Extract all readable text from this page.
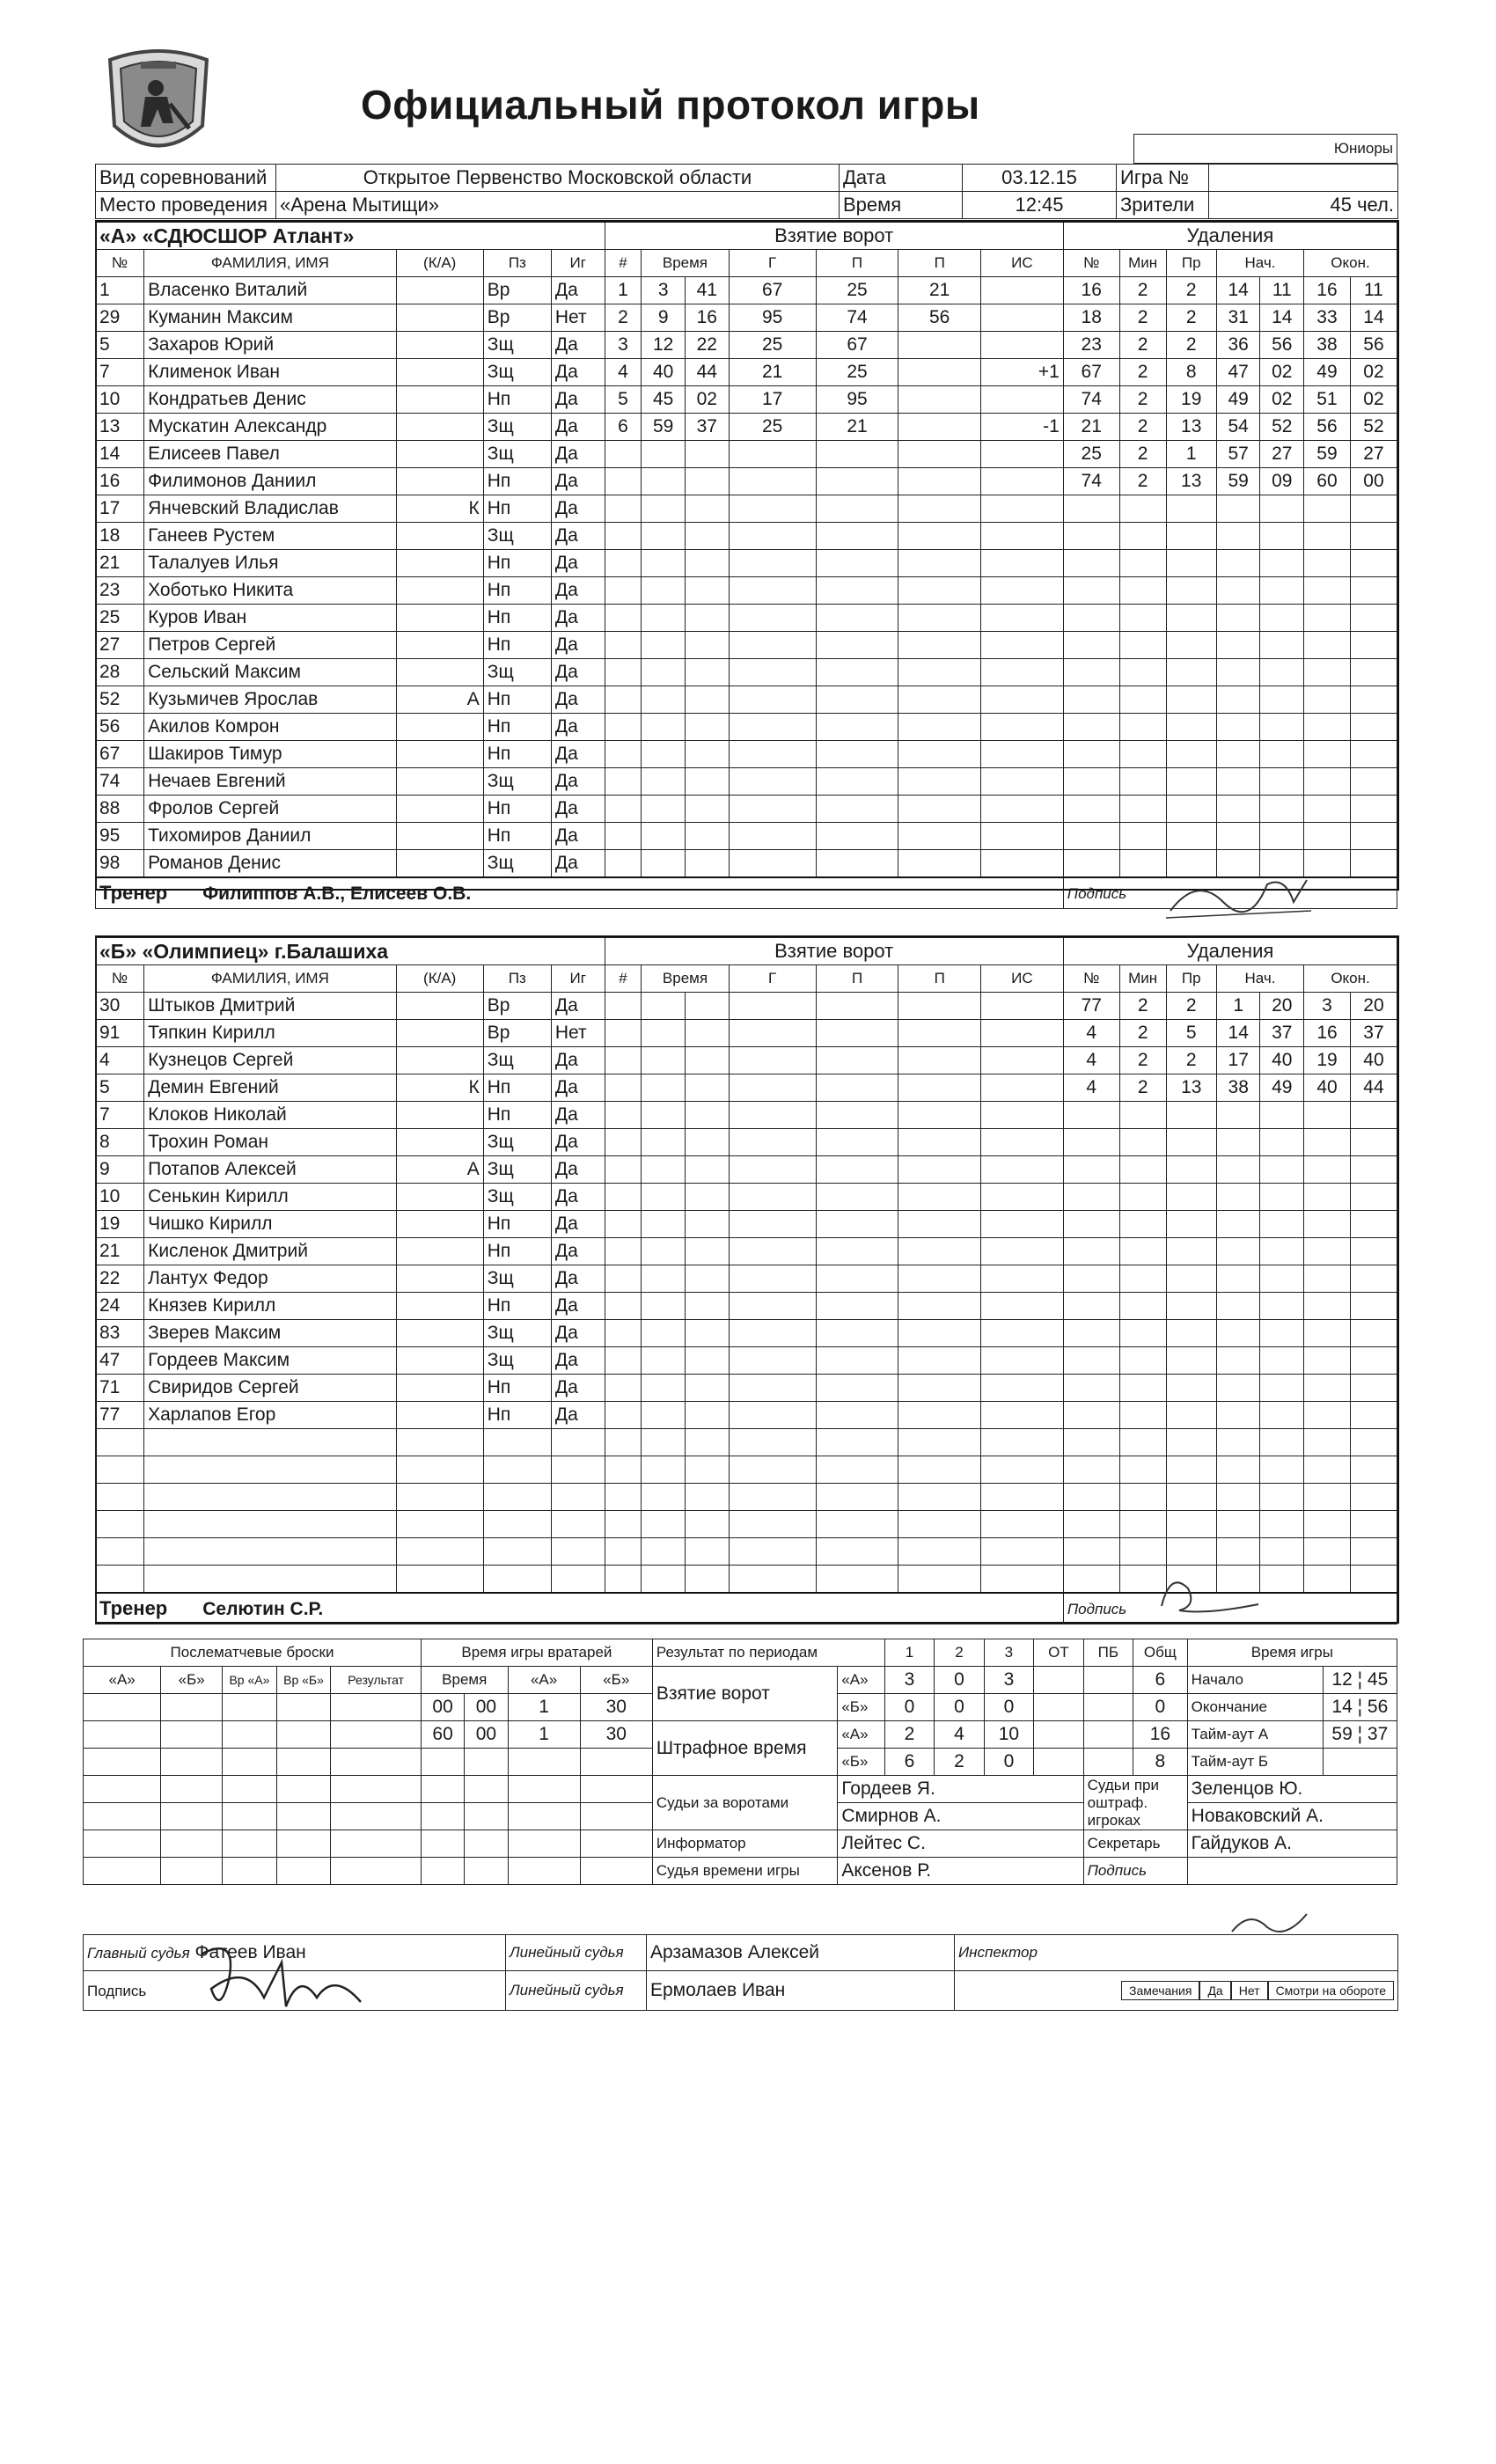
Официальный протокол игры
Юниоры
Вид соревнований	Открытое Первенство Московской области	Дата	03.12.15	Игра №	
Место проведения	«Арена Мытищи»	Время	12:45	Зрители	45 чел.
«А» «СДЮСШОР Атлант»					Взятие ворот							Удаления						
№	ФАМИЛИЯ, ИМЯ	(К/А)	Пз	Иг	#	Время		Г	П	П	ИС	№	Мин	Пр	Нач.		Окон.	
1	Власенко Виталий		Вр	Да	1	3	41	67	25	21		16	2	2	14	11	16	11
29	Куманин Максим		Вр	Нет	2	9	16	95	74	56		18	2	2	31	14	33	14
5	Захаров Юрий		Зщ	Да	3	12	22	25	67			23	2	2	36	56	38	56
7	Клименок Иван		Зщ	Да	4	40	44	21	25		+1	67	2	8	47	02	49	02
10	Кондратьев Денис		Нп	Да	5	45	02	17	95			74	2	19	49	02	51	02
13	Мускатин Александр		Зщ	Да	6	59	37	25	21		-1	21	2	13	54	52	56	52
14	Елисеев Павел		Зщ	Да								25	2	1	57	27	59	27
16	Филимонов Даниил		Нп	Да								74	2	13	59	09	60	00
17	Янчевский Владислав	К	Нп	Да														
18	Ганеев Рустем		Зщ	Да														
21	Талалуев Илья		Нп	Да														
23	Хоботько Никита		Нп	Да														
25	Куров Иван		Нп	Да														
27	Петров Сергей		Нп	Да														
28	Сельский Максим		Зщ	Да														
52	Кузьмичев Ярослав	А	Нп	Да														
56	Акилов Комрон		Нп	Да														
67	Шакиров Тимур		Нп	Да														
74	Нечаев Евгений		Зщ	Да														
88	Фролов Сергей		Нп	Да														
95	Тихомиров Даниил		Нп	Да														
98	Романов Денис		Зщ	Да														
Тренер Филиппов А.В., Елисеев О.В.												Подпись						
«Б» «Олимпиец» г.Балашиха					Взятие ворот							Удаления						
№	ФАМИЛИЯ, ИМЯ	(К/А)	Пз	Иг	#	Время		Г	П	П	ИС	№	Мин	Пр	Нач.		Окон.	
30	Штыков Дмитрий		Вр	Да								77	2	2	1	20	3	20
91	Тяпкин Кирилл		Вр	Нет								4	2	5	14	37	16	37
4	Кузнецов Сергей		Зщ	Да								4	2	2	17	40	19	40
5	Демин Евгений	К	Нп	Да								4	2	13	38	49	40	44
7	Клоков Николай		Нп	Да														
8	Трохин Роман		Зщ	Да														
9	Потапов Алексей	А	Зщ	Да														
10	Сенькин Кирилл		Зщ	Да														
19	Чишко Кирилл		Нп	Да														
21	Кисленок Дмитрий		Нп	Да														
22	Лантух Федор		Зщ	Да														
24	Князев Кирилл		Нп	Да														
83	Зверев Максим		Зщ	Да														
47	Гордеев Максим		Зщ	Да														
71	Свиридов Сергей		Нп	Да														
77	Харлапов Егор		Нп	Да														

Тренер Селютин С.Р.												Подпись						
Послематчевые броски					Время игры вратарей				Результат по периодам		1	2	3	ОТ	ПБ	Общ	Время игры	
«А»	«Б»	Вр «А»	Вр «Б»	Результат	Время		«А»	«Б»	Взятие ворот	«А»	3	0	3			6	Начало	12 ¦ 45
					00	00	1	30		«Б»	0	0	0			0	Окончание	14 ¦ 56
					60	00	1	30	Штрафное время	«А»	2	4	10			16	Тайм-аут А	59 ¦ 37
										«Б»	6	2	0			8	Тайм-аут Б	
									Судьи за воротами	Гордеев Я.					Судьи при оштраф. игроках		Зеленцов Ю.	
										Смирнов А.							Новаковский А.	
									Информатор	Лейтес С.					Секретарь		Гайдуков А.	
									Судья времени игры	Аксенов Р.					Подпись			
Главный судья Фатеев Иван	Линейный судья	Арзамазов Алексей	Инспектор
Подпись	Линейный судья	Ермолаев Иван	Замечания Да Нет Смотри на обороте
